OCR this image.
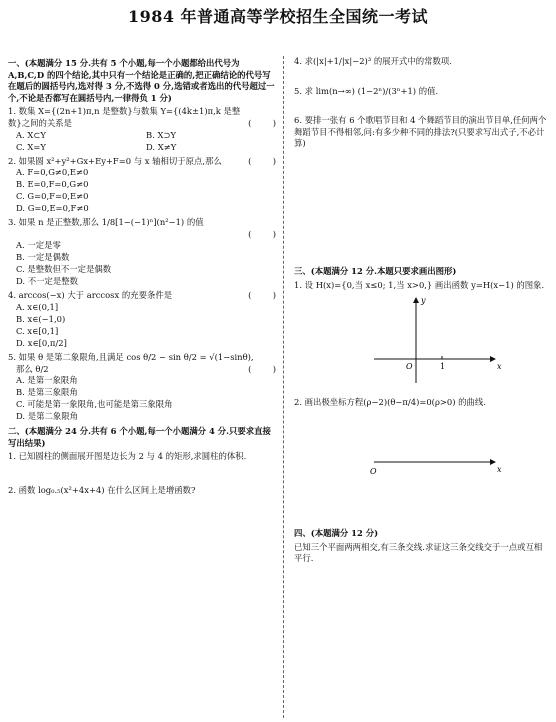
1984 年普通高等学校招生全国统一考试
一、(本题满分 15 分.共有 5 个小题,每一个小题都给出代号为 A,B,C,D 的四个结论,其中只有一个结论是正确的,把正确结论的代号写在题后的圆括号内,选对得 3 分,不选得 0 分,选错或者选出的代号超过一个,不论是否都写在圆括号内,一律得负 1 分)
1. 数集 X={(2n+1)π,n 是整数}与数集 Y={(4k±1)π,k 是整数}之间的关系是	(        )
A. X⊂Y	B. X⊃Y
C. X=Y	D. X≠Y
2. 如果圆 x²+y²+Gx+Ey+F=0 与 x 轴相切于原点,那么	(        )
A. F=0,G≠0,E≠0
B. E=0,F=0,G≠0
C. G=0,F=0,E≠0
D. G=0,E=0,F≠0
3. 如果 n 是正整数,那么 1/8[1−(−1)ⁿ](n²−1) 的值
(        )
A. 一定是零
B. 一定是偶数
C. 是整数但不一定是偶数
D. 不一定是整数
4. arccos(−x) 大于 arccosx 的充要条件是	(        )
A. x∈(0,1]
B. x∈(−1,0)
C. x∈[0,1]
D. x∈[0,π/2]
5. 如果 θ 是第二象限角,且满足 cos θ/2 − sin θ/2 = √(1−sinθ),
那么 θ/2	(        )
A. 是第一象限角
B. 是第三象限角
C. 可能是第一象限角,也可能是第三象限角
D. 是第二象限角
二、(本题满分 24 分.共有 6 个小题,每一个小题满分 4 分.只要求直接写出结果)
1. 已知圆柱的侧面展开图是边长为 2 与 4 的矩形,求圆柱的体积.
2. 函数 log₀.₅(x²+4x+4) 在什么区间上是增函数?
4. 求(|x|+1/|x|−2)³ 的展开式中的常数项.
5. 求 lim(n→∞) (1−2ⁿ)/(3ⁿ+1) 的值.
6. 要排一张有 6 个歌唱节目和 4 个舞蹈节目的演出节目单,任何两个舞蹈节目不得相邻,问:有多少种不同的排法?(只要求写出式子,不必计算)
三、(本题满分 12 分.本题只要求画出图形)
1. 设 H(x)={0,当 x≤0; 1,当 x>0,} 画出函数 y=H(x−1) 的图象.
y
x
O	1
2. 画出极坐标方程(ρ−2)(θ−π/4)=0(ρ>0) 的曲线.
O	x
四、(本题满分 12 分)
已知三个平面两两相交,有三条交线.求证这三条交线交于一点或互相平行.
